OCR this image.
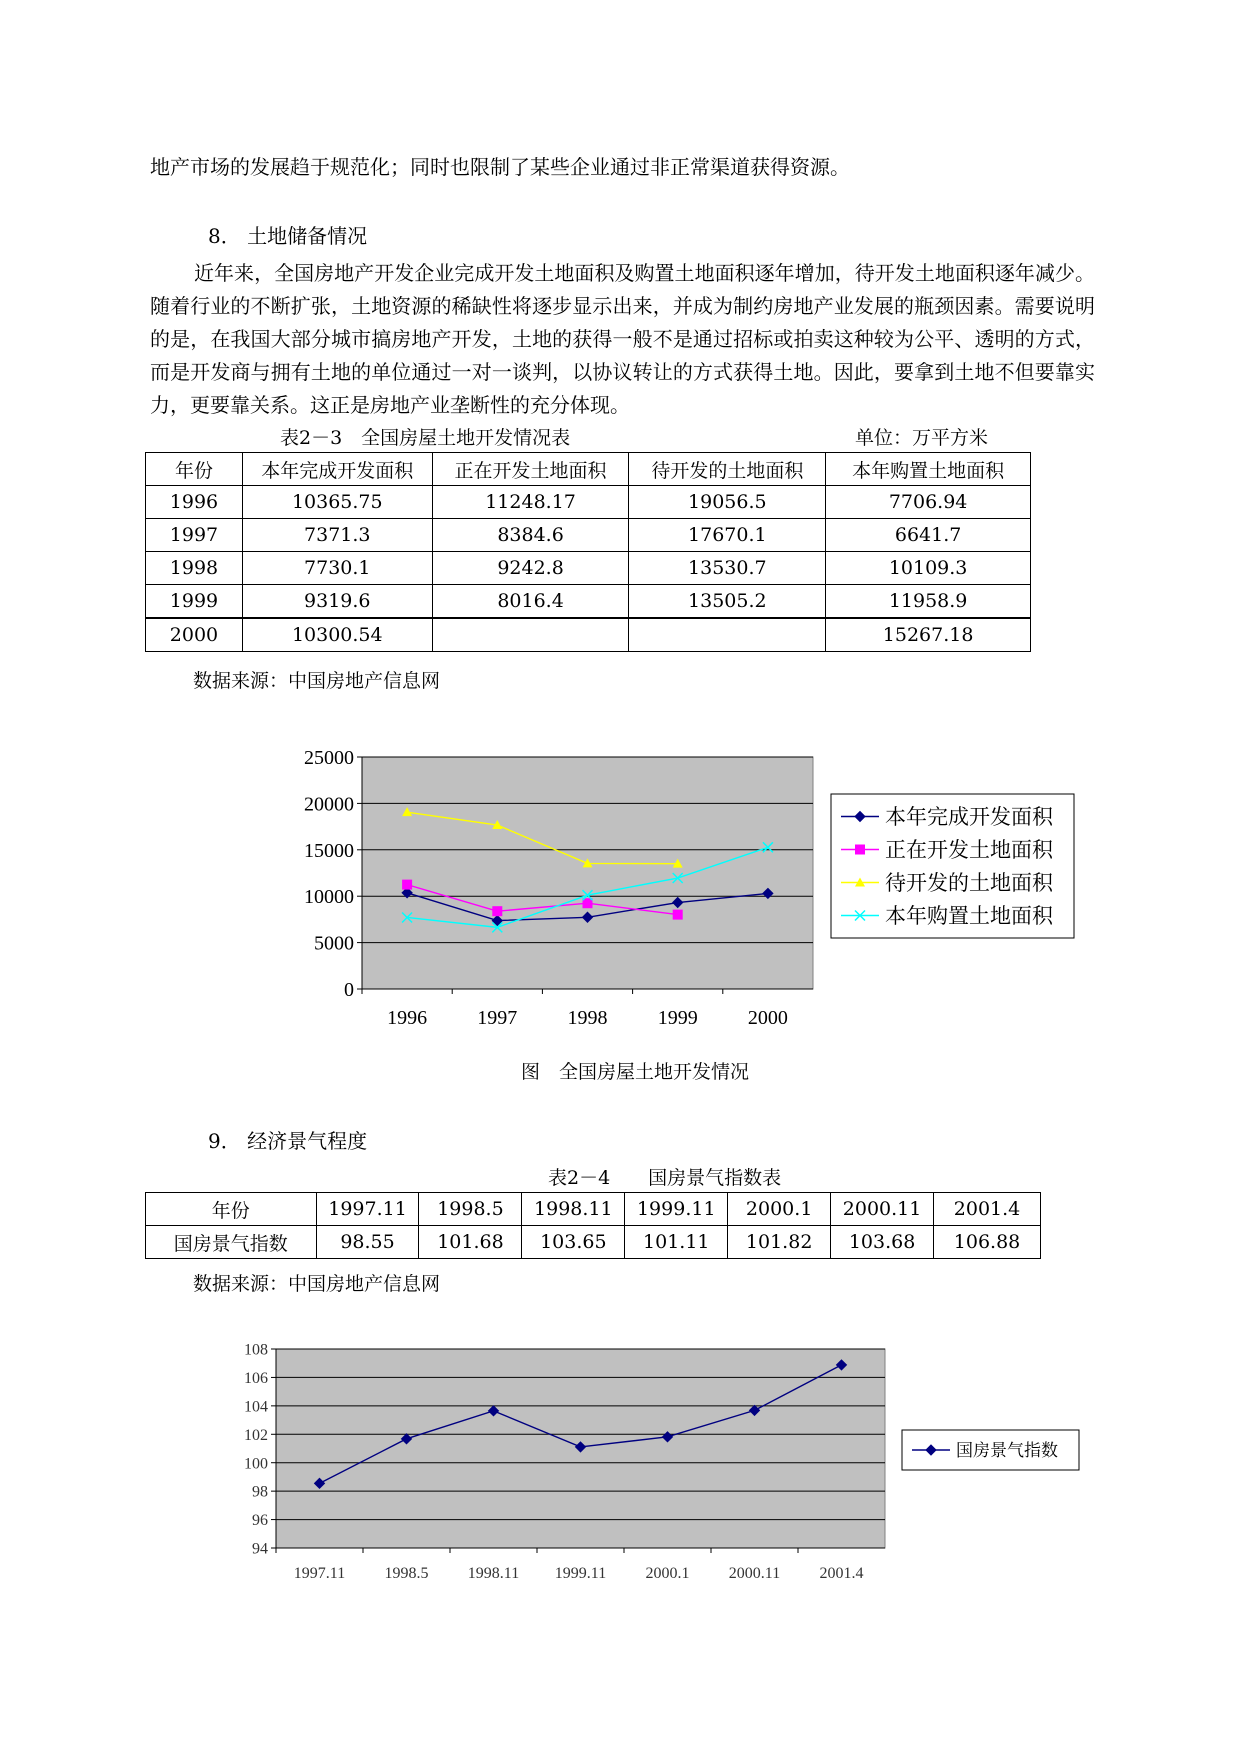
地产市场的发展趋于规范化；同时也限制了某些企业通过非正常渠道获得资源。
8． 土地储备情况
近年来，全国房地产开发企业完成开发土地面积及购置土地面积逐年增加，待开发土地面积逐年减少。随着行业的不断扩张，土地资源的稀缺性将逐步显示出来，并成为制约房地产业发展的瓶颈因素。需要说明的是，在我国大部分城市搞房地产开发，土地的获得一般不是通过招标或拍卖这种较为公平、透明的方式，而是开发商与拥有土地的单位通过一对一谈判，以协议转让的方式获得土地。因此，要拿到土地不但要靠实力，更要靠关系。这正是房地产业垄断性的充分体现。
表2－3　全国房屋土地开发情况表	单位：万平方米
年份	本年完成开发面积	正在开发土地面积	待开发的土地面积	本年购置土地面积
1996	10365.75	11248.17	19056.5	7706.94
1997	7371.3	8384.6	17670.1	6641.7
1998	7730.1	9242.8	13530.7	10109.3
1999	9319.6	8016.4	13505.2	11958.9
2000	10300.54			15267.18
数据来源：中国房地产信息网
0
5000
10000
15000
20000
25000
1996	1997	1998	1999	2000
本年完成开发面积
正在开发土地面积
待开发的土地面积
本年购置土地面积
94
96
98
100
102
104
106
108
1997.11 1998.5 1998.11 1999.11 2000.1 2000.11 2001.4
国房景气指数
图　全国房屋土地开发情况
9． 经济景气程度
表2－4　　国房景气指数表
年份	1997.11	1998.5	1998.11	1999.11	2000.1	2000.11	2001.4
国房景气指数	98.55	101.68	103.65	101.11	101.82	103.68	106.88
数据来源：中国房地产信息网
